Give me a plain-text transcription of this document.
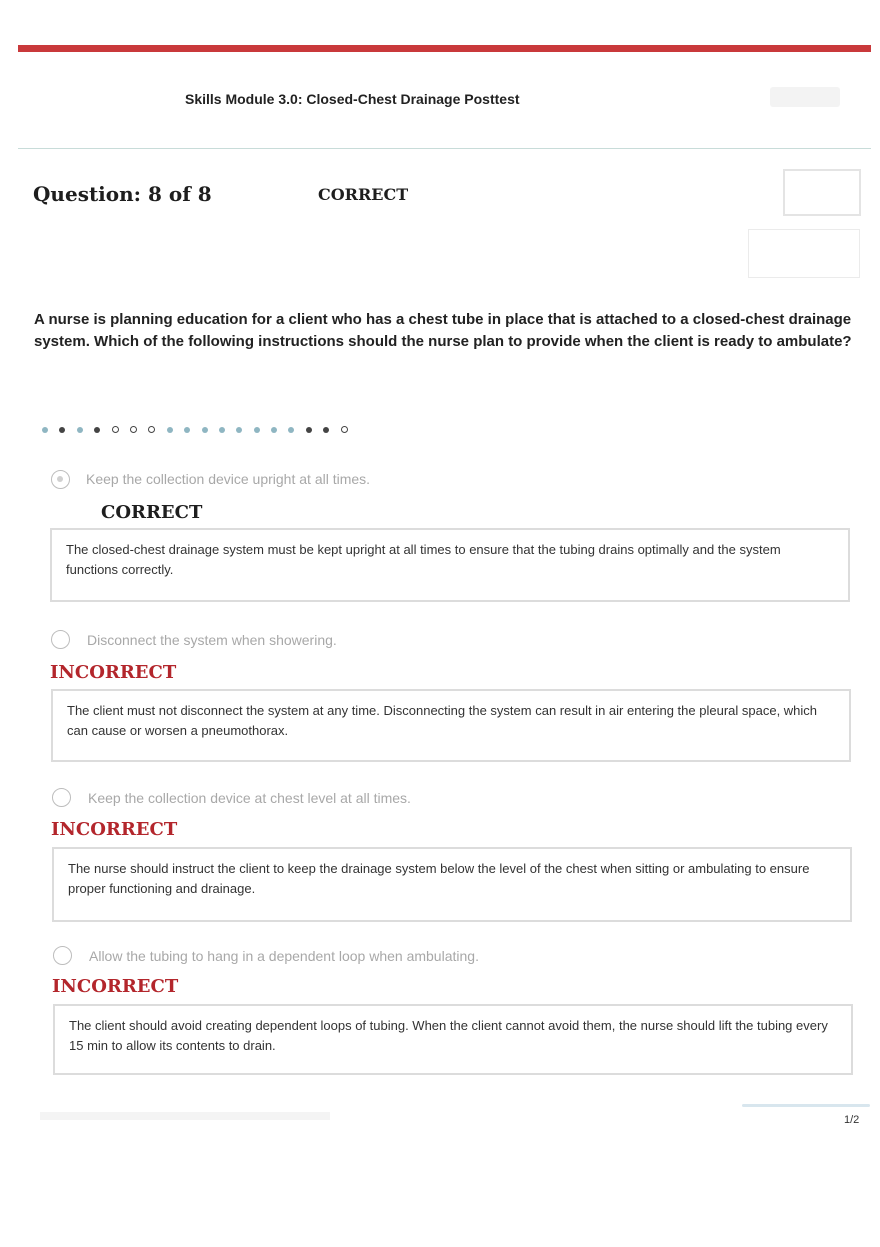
Skills Module 3.0: Closed-Chest Drainage Posttest
Question: 8 of 8	CORRECT
A nurse is planning education for a client who has a chest tube in place that is attached to a closed-chest drainage system. Which of the following instructions should the nurse plan to provide when the client is ready to ambulate?
Keep the collection device upright at all times.
CORRECT
The closed-chest drainage system must be kept upright at all times to ensure that the tubing drains optimally and the system functions correctly.
Disconnect the system when showering.
INCORRECT
The client must not disconnect the system at any time. Disconnecting the system can result in air entering the pleural space, which can cause or worsen a pneumothorax.
Keep the collection device at chest level at all times.
INCORRECT
The nurse should instruct the client to keep the drainage system below the level of the chest when sitting or ambulating to ensure proper functioning and drainage.
Allow the tubing to hang in a dependent loop when ambulating.
INCORRECT
The client should avoid creating dependent loops of tubing. When the client cannot avoid them, the nurse should lift the tubing every 15 min to allow its contents to drain.
1/2
